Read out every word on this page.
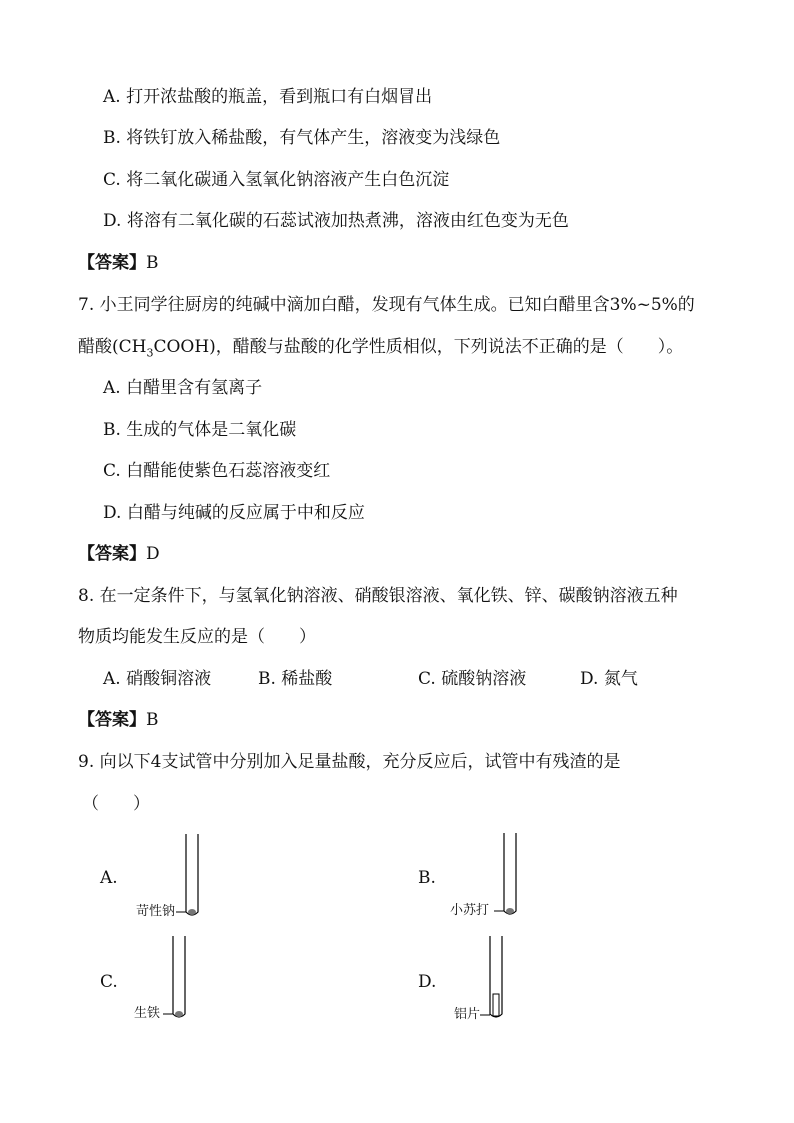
A. 打开浓盐酸的瓶盖，看到瓶口有白烟冒出
B. 将铁钉放入稀盐酸，有气体产生，溶液变为浅绿色
C. 将二氧化碳通入氢氧化钠溶液产生白色沉淀
D. 将溶有二氧化碳的石蕊试液加热煮沸，溶液由红色变为无色
【答案】B
7. 小王同学往厨房的纯碱中滴加白醋，发现有气体生成。已知白醋里含3%~5%的
醋酸$(CH_3COOH)$，醋酸与盐酸的化学性质相似，下列说法不正确的是（　　）。
A. 白醋里含有氢离子
B. 生成的气体是二氧化碳
C. 白醋能使紫色石蕊溶液变红
D. 白醋与纯碱的反应属于中和反应
【答案】D
8. 在一定条件下，与氢氧化钠溶液、硝酸银溶液、氧化铁、锌、碳酸钠溶液五种
物质均能发生反应的是（　　）
A. 硝酸铜溶液	B. 稀盐酸	C. 硫酸钠溶液	D. 氮气
【答案】B
9. 向以下4支试管中分别加入足量盐酸，充分反应后，试管中有残渣的是
（　　）
A.
苛性钠
B.
小苏打
C.
生铁
D.
铝片
